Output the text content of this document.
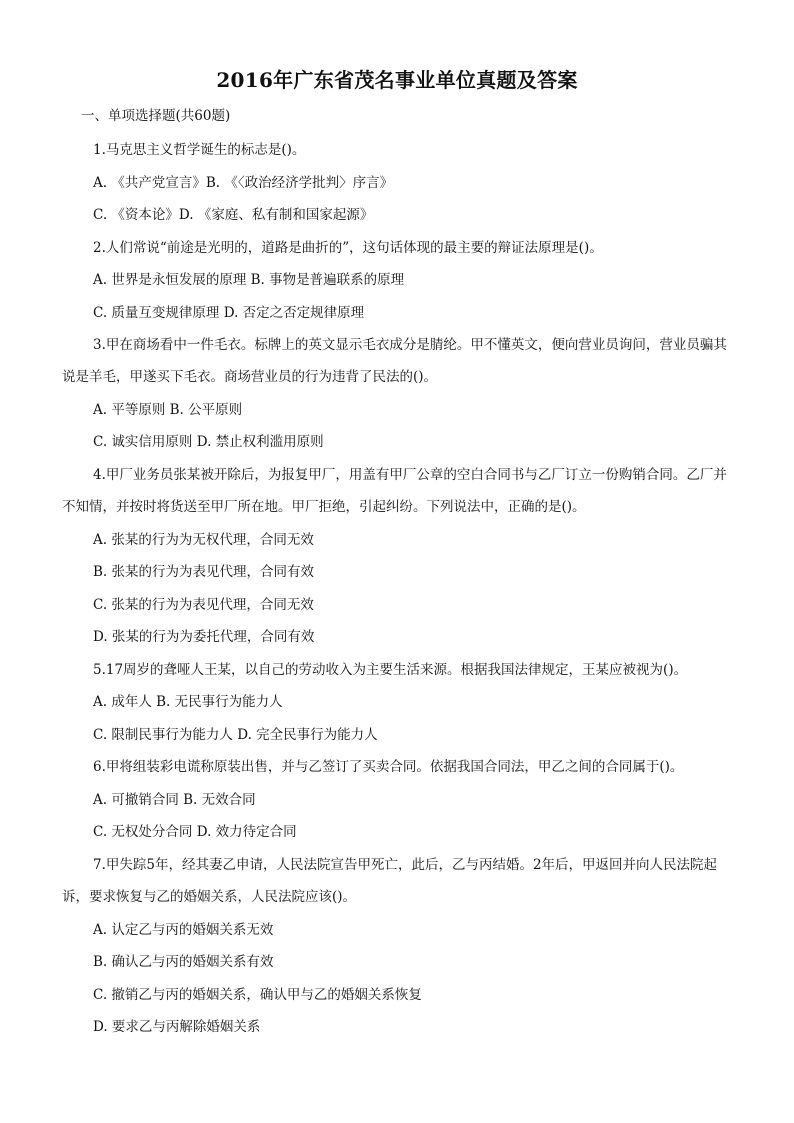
2016年广东省茂名事业单位真题及答案
一、单项选择题(共60题)
1.马克思主义哲学诞生的标志是()。
A. 《共产党宣言》B. 《〈政治经济学批判〉序言》
C. 《资本论》D. 《家庭、私有制和国家起源》
2.人们常说“前途是光明的，道路是曲折的”，这句话体现的最主要的辩证法原理是()。
A. 世界是永恒发展的原理 B. 事物是普遍联系的原理
C. 质量互变规律原理 D. 否定之否定规律原理
3.甲在商场看中一件毛衣。标牌上的英文显示毛衣成分是腈纶。甲不懂英文，便向营业员询问，营业员骗其
说是羊毛，甲遂买下毛衣。商场营业员的行为违背了民法的()。
A. 平等原则 B. 公平原则
C. 诚实信用原则 D. 禁止权利滥用原则
4.甲厂业务员张某被开除后，为报复甲厂，用盖有甲厂公章的空白合同书与乙厂订立一份购销合同。乙厂并
不知情，并按时将货送至甲厂所在地。甲厂拒绝，引起纠纷。下列说法中，正确的是()。
A. 张某的行为为无权代理，合同无效
B. 张某的行为为表见代理，合同有效
C. 张某的行为为表见代理，合同无效
D. 张某的行为为委托代理，合同有效
5.17周岁的聋哑人王某，以自己的劳动收入为主要生活来源。根据我国法律规定，王某应被视为()。
A. 成年人 B. 无民事行为能力人
C. 限制民事行为能力人 D. 完全民事行为能力人
6.甲将组装彩电谎称原装出售，并与乙签订了买卖合同。依据我国合同法，甲乙之间的合同属于()。
A. 可撤销合同 B. 无效合同
C. 无权处分合同 D. 效力待定合同
7.甲失踪5年，经其妻乙申请，人民法院宣告甲死亡，此后，乙与丙结婚。2年后，甲返回并向人民法院起
诉，要求恢复与乙的婚姻关系，人民法院应该()。
A. 认定乙与丙的婚姻关系无效
B. 确认乙与丙的婚姻关系有效
C. 撤销乙与丙的婚姻关系，确认甲与乙的婚姻关系恢复
D. 要求乙与丙解除婚姻关系
